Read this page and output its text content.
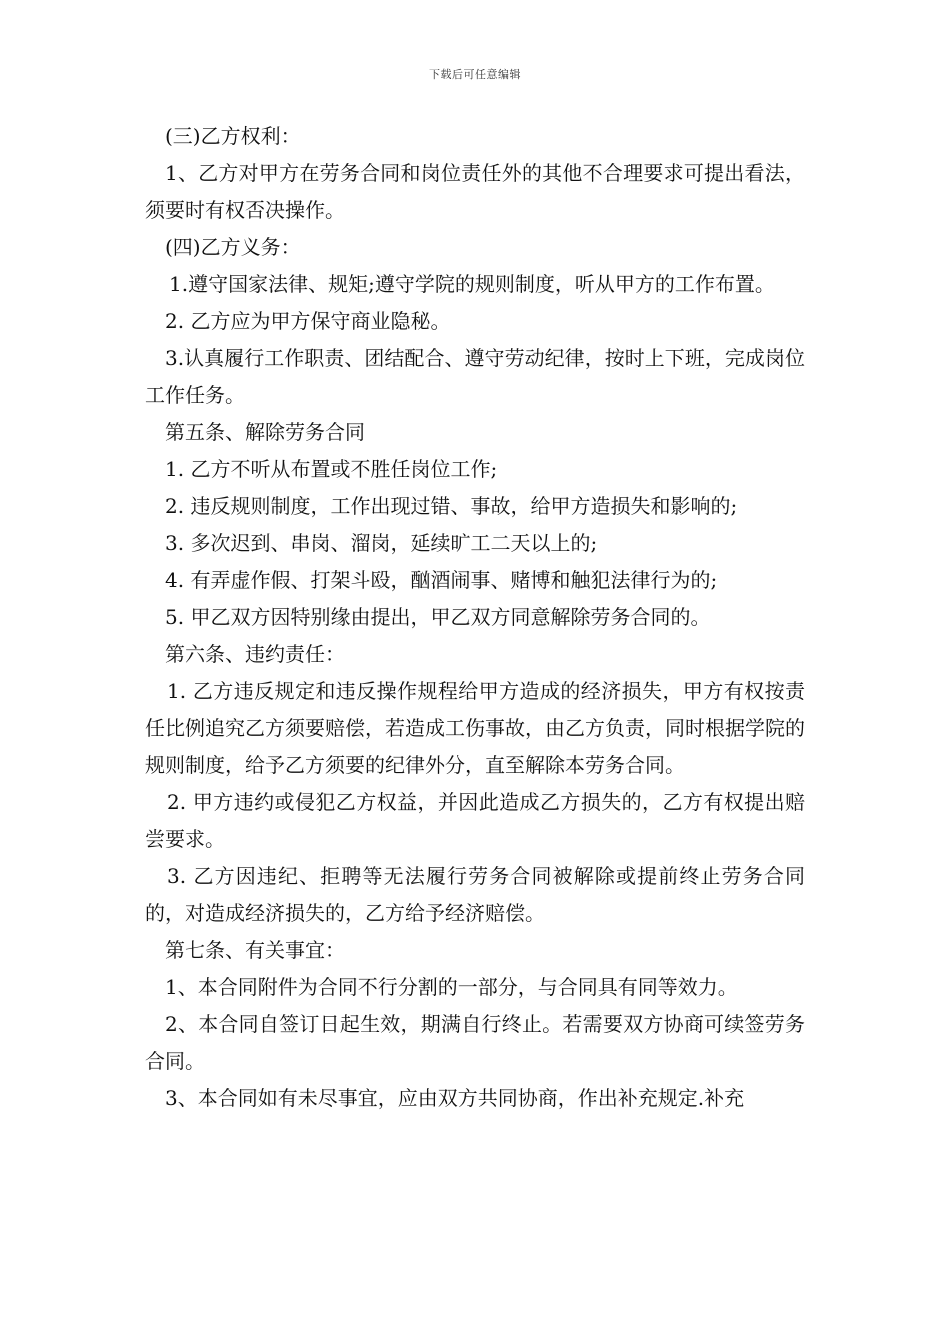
下载后可任意编辑

(三)乙方权利：

1、乙方对甲方在劳务合同和岗位责任外的其他不合理要求可提出看法，须要时有权否决操作。

(四)乙方义务：

1.遵守国家法律、规矩;遵守学院的规则制度，听从甲方的工作布置。

2. 乙方应为甲方保守商业隐秘。

3.认真履行工作职责、团结配合、遵守劳动纪律，按时上下班，完成岗位工作任务。

第五条、解除劳务合同

1. 乙方不听从布置或不胜任岗位工作;

2. 违反规则制度，工作出现过错、事故，给甲方造损失和影响的;

3. 多次迟到、串岗、溜岗，延续旷工二天以上的;

4. 有弄虚作假、打架斗殴，酗酒闹事、赌博和触犯法律行为的;

5. 甲乙双方因特别缘由提出，甲乙双方同意解除劳务合同的。

第六条、违约责任：

1. 乙方违反规定和违反操作规程给甲方造成的经济损失，甲方有权按责任比例追究乙方须要赔偿，若造成工伤事故，由乙方负责，同时根据学院的规则制度，给予乙方须要的纪律外分，直至解除本劳务合同。

2. 甲方违约或侵犯乙方权益，并因此造成乙方损失的，乙方有权提出赔尝要求。

3. 乙方因违纪、拒聘等无法履行劳务合同被解除或提前终止劳务合同的，对造成经济损失的，乙方给予经济赔偿。

第七条、有关事宜：

1、本合同附件为合同不行分割的一部分，与合同具有同等效力。

2、本合同自签订日起生效，期满自行终止。若需要双方协商可续签劳务合同。

3、本合同如有未尽事宜，应由双方共同协商，作出补充规定.补充
